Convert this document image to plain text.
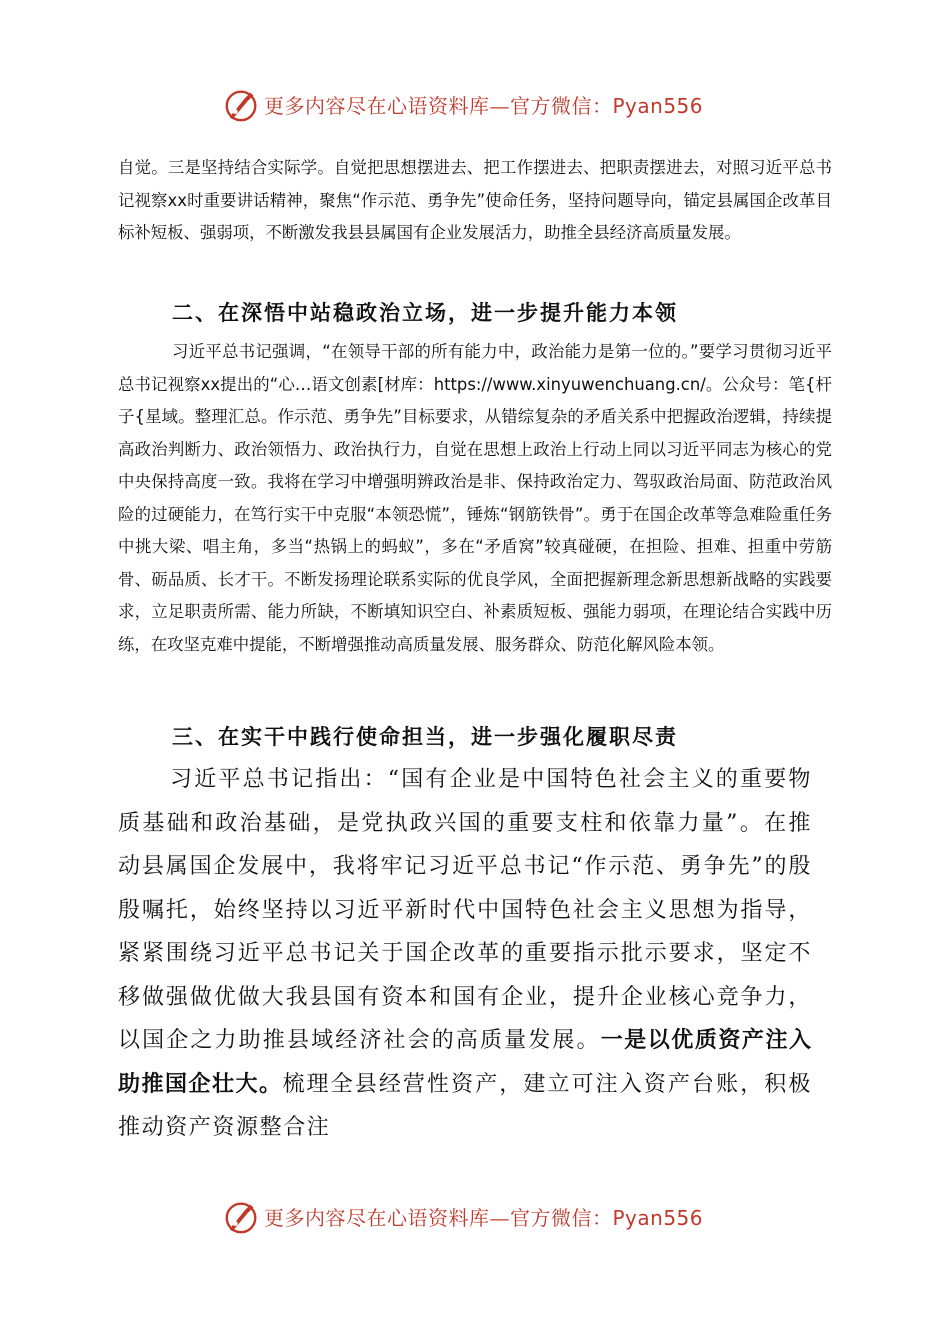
更多内容尽在心语资料库—官方微信：Pyan556

自觉。三是坚持结合实际学。自觉把思想摆进去、把工作摆进去、把职责摆进去，对照习近平总书记视察xx时重要讲话精神，聚焦“作示范、勇争先”使命任务，坚持问题导向，锚定县属国企改革目标补短板、强弱项，不断激发我县县属国有企业发展活力，助推全县经济高质量发展。

二、在深悟中站稳政治立场，进一步提升能力本领

习近平总书记强调，“在领导干部的所有能力中，政治能力是第一位的。”要学习贯彻习近平总书记视察xx提出的“心…语文创素[材库：https://www.xinyuwenchuang.cn/。公众号：笔{杆子{星域。整理汇总。作示范、勇争先”目标要求，从错综复杂的矛盾关系中把握政治逻辑，持续提高政治判断力、政治领悟力、政治执行力，自觉在思想上政治上行动上同以习近平同志为核心的党中央保持高度一致。我将在学习中增强明辨政治是非、保持政治定力、驾驭政治局面、防范政治风险的过硬能力，在笃行实干中克服“本领恐慌”，锤炼“钢筋铁骨”。勇于在国企改革等急难险重任务中挑大梁、唱主角，多当“热锅上的蚂蚁”，多在“矛盾窝”较真碰硬，在担险、担难、担重中劳筋骨、砺品质、长才干。不断发扬理论联系实际的优良学风，全面把握新理念新思想新战略的实践要求，立足职责所需、能力所缺，不断填知识空白、补素质短板、强能力弱项，在理论结合实践中历练，在攻坚克难中提能，不断增强推动高质量发展、服务群众、防范化解风险本领。

三、在实干中践行使命担当，进一步强化履职尽责

习近平总书记指出：“国有企业是中国特色社会主义的重要物质基础和政治基础，是党执政兴国的重要支柱和依靠力量”。在推动县属国企发展中，我将牢记习近平总书记“作示范、勇争先”的殷殷嘱托，始终坚持以习近平新时代中国特色社会主义思想为指导，紧紧围绕习近平总书记关于国企改革的重要指示批示要求，坚定不移做强做优做大我县国有资本和国有企业，提升企业核心竞争力，以国企之力助推县域经济社会的高质量发展。一是以优质资产注入助推国企壮大。梳理全县经营性资产，建立可注入资产台账，积极推动资产资源整合注

更多内容尽在心语资料库—官方微信：Pyan556
